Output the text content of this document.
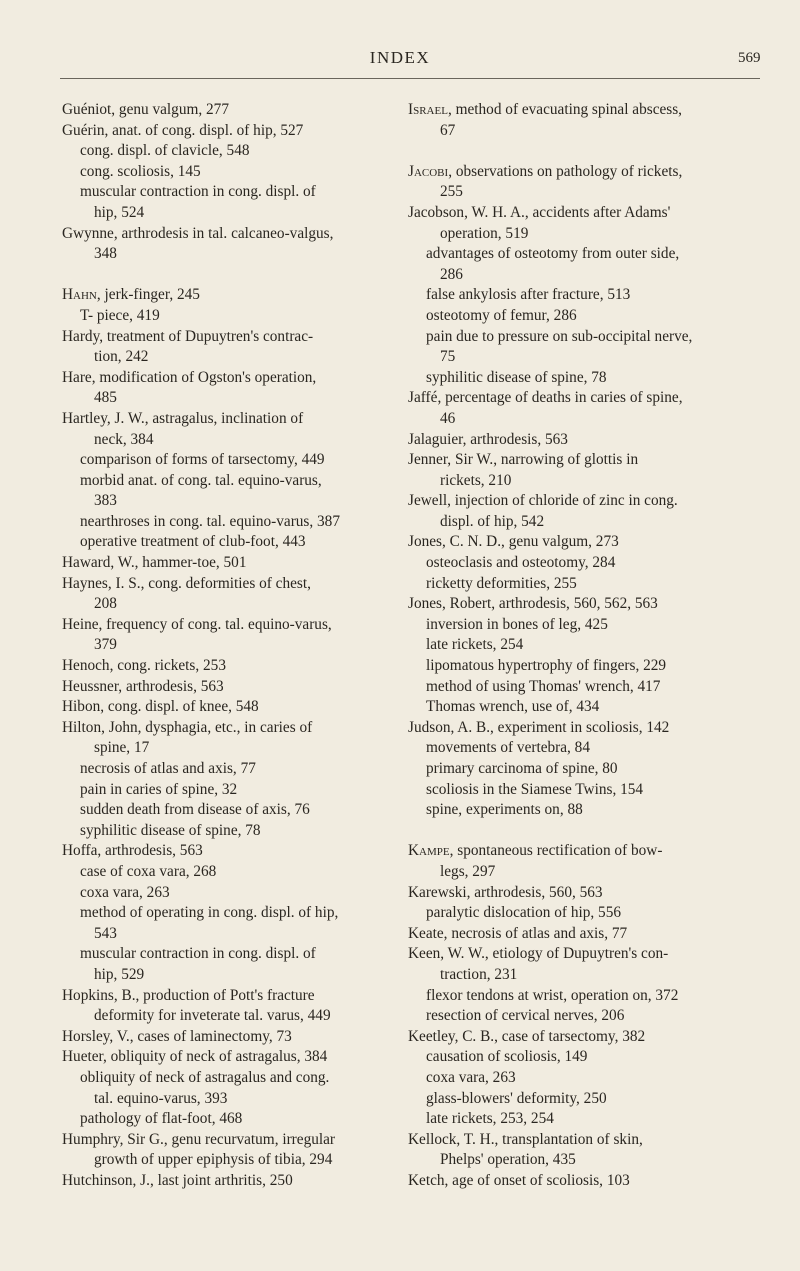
INDEX	569
Guéniot, genu valgum, 277
Guérin, anat. of cong. displ. of hip, 527
cong. displ. of clavicle, 548
cong. scoliosis, 145
muscular contraction in cong. displ. of
hip, 524
Gwynne, arthrodesis in tal. calcaneo-valgus,
348
Hahn, jerk-finger, 245
T- piece, 419
Hardy, treatment of Dupuytren's contrac-
tion, 242
Hare, modification of Ogston's operation,
485
Hartley, J. W., astragalus, inclination of
neck, 384
comparison of forms of tarsectomy, 449
morbid anat. of cong. tal. equino-varus,
383
nearthroses in cong. tal. equino-varus, 387
operative treatment of club-foot, 443
Haward, W., hammer-toe, 501
Haynes, I. S., cong. deformities of chest,
208
Heine, frequency of cong. tal. equino-varus,
379
Henoch, cong. rickets, 253
Heussner, arthrodesis, 563
Hibon, cong. displ. of knee, 548
Hilton, John, dysphagia, etc., in caries of
spine, 17
necrosis of atlas and axis, 77
pain in caries of spine, 32
sudden death from disease of axis, 76
syphilitic disease of spine, 78
Hoffa, arthrodesis, 563
case of coxa vara, 268
coxa vara, 263
method of operating in cong. displ. of hip,
543
muscular contraction in cong. displ. of
hip, 529
Hopkins, B., production of Pott's fracture
deformity for inveterate tal. varus, 449
Horsley, V., cases of laminectomy, 73
Hueter, obliquity of neck of astragalus, 384
obliquity of neck of astragalus and cong.
tal. equino-varus, 393
pathology of flat-foot, 468
Humphry, Sir G., genu recurvatum, irregular
growth of upper epiphysis of tibia, 294
Hutchinson, J., last joint arthritis, 250
Israel, method of evacuating spinal abscess,
67
Jacobi, observations on pathology of rickets,
255
Jacobson, W. H. A., accidents after Adams'
operation, 519
advantages of osteotomy from outer side,
286
false ankylosis after fracture, 513
osteotomy of femur, 286
pain due to pressure on sub-occipital nerve,
75
syphilitic disease of spine, 78
Jaffé, percentage of deaths in caries of spine,
46
Jalaguier, arthrodesis, 563
Jenner, Sir W., narrowing of glottis in
rickets, 210
Jewell, injection of chloride of zinc in cong.
displ. of hip, 542
Jones, C. N. D., genu valgum, 273
osteoclasis and osteotomy, 284
ricketty deformities, 255
Jones, Robert, arthrodesis, 560, 562, 563
inversion in bones of leg, 425
late rickets, 254
lipomatous hypertrophy of fingers, 229
method of using Thomas' wrench, 417
Thomas wrench, use of, 434
Judson, A. B., experiment in scoliosis, 142
movements of vertebra, 84
primary carcinoma of spine, 80
scoliosis in the Siamese Twins, 154
spine, experiments on, 88
Kampe, spontaneous rectification of bow-
legs, 297
Karewski, arthrodesis, 560, 563
paralytic dislocation of hip, 556
Keate, necrosis of atlas and axis, 77
Keen, W. W., etiology of Dupuytren's con-
traction, 231
flexor tendons at wrist, operation on, 372
resection of cervical nerves, 206
Keetley, C. B., case of tarsectomy, 382
causation of scoliosis, 149
coxa vara, 263
glass-blowers' deformity, 250
late rickets, 253, 254
Kellock, T. H., transplantation of skin,
Phelps' operation, 435
Ketch, age of onset of scoliosis, 103
